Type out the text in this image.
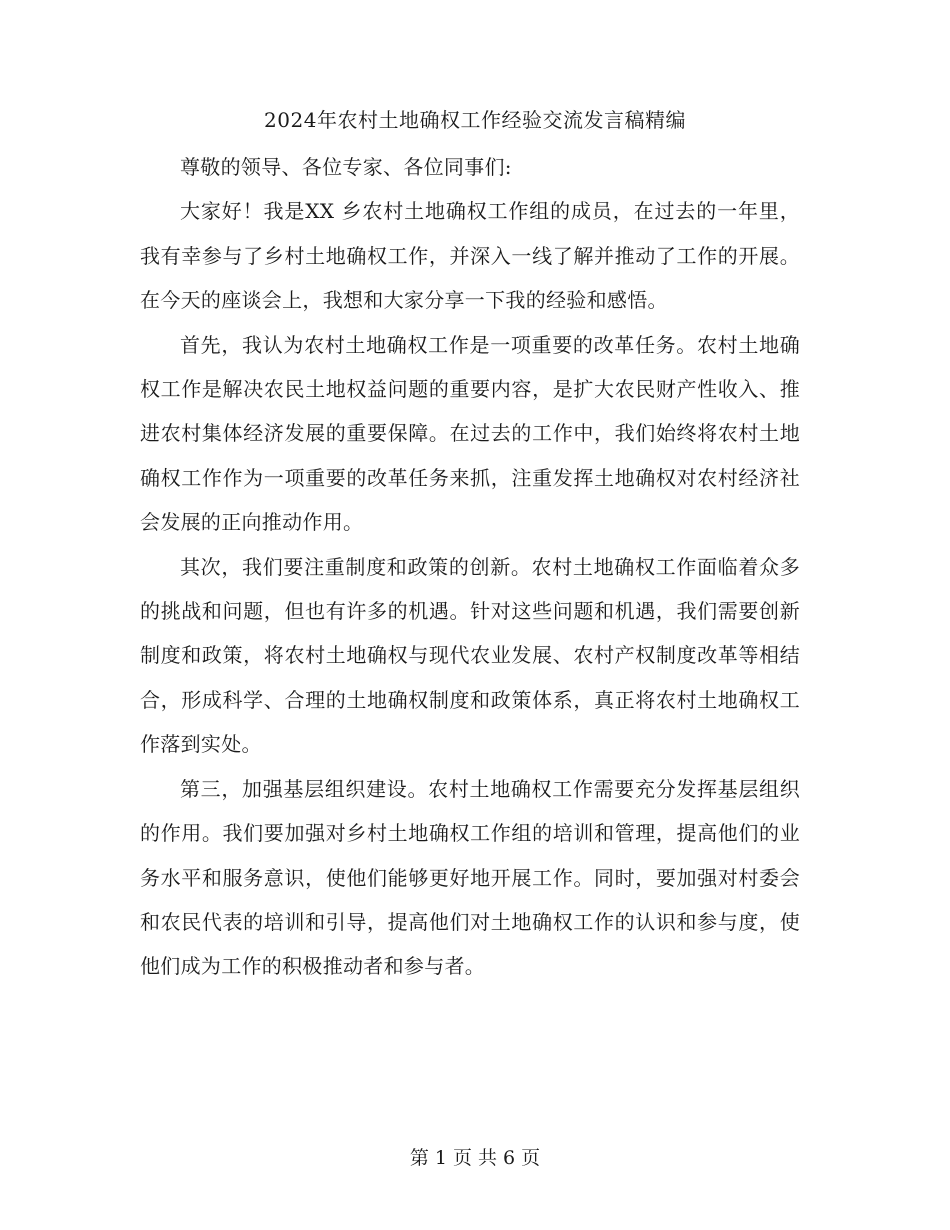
2024年农村土地确权工作经验交流发言稿精编

尊敬的领导、各位专家、各位同事们:

大家好！我是XX 乡农村土地确权工作组的成员，在过去的一年里，我有幸参与了乡村土地确权工作，并深入一线了解并推动了工作的开展。在今天的座谈会上，我想和大家分享一下我的经验和感悟。

首先，我认为农村土地确权工作是一项重要的改革任务。农村土地确权工作是解决农民土地权益问题的重要内容，是扩大农民财产性收入、推进农村集体经济发展的重要保障。在过去的工作中，我们始终将农村土地确权工作作为一项重要的改革任务来抓，注重发挥土地确权对农村经济社会发展的正向推动作用。

其次，我们要注重制度和政策的创新。农村土地确权工作面临着众多的挑战和问题，但也有许多的机遇。针对这些问题和机遇，我们需要创新制度和政策，将农村土地确权与现代农业发展、农村产权制度改革等相结合，形成科学、合理的土地确权制度和政策体系，真正将农村土地确权工作落到实处。

第三，加强基层组织建设。农村土地确权工作需要充分发挥基层组织的作用。我们要加强对乡村土地确权工作组的培训和管理，提高他们的业务水平和服务意识，使他们能够更好地开展工作。同时，要加强对村委会和农民代表的培训和引导，提高他们对土地确权工作的认识和参与度，使他们成为工作的积极推动者和参与者。

第 1 页 共 6 页
